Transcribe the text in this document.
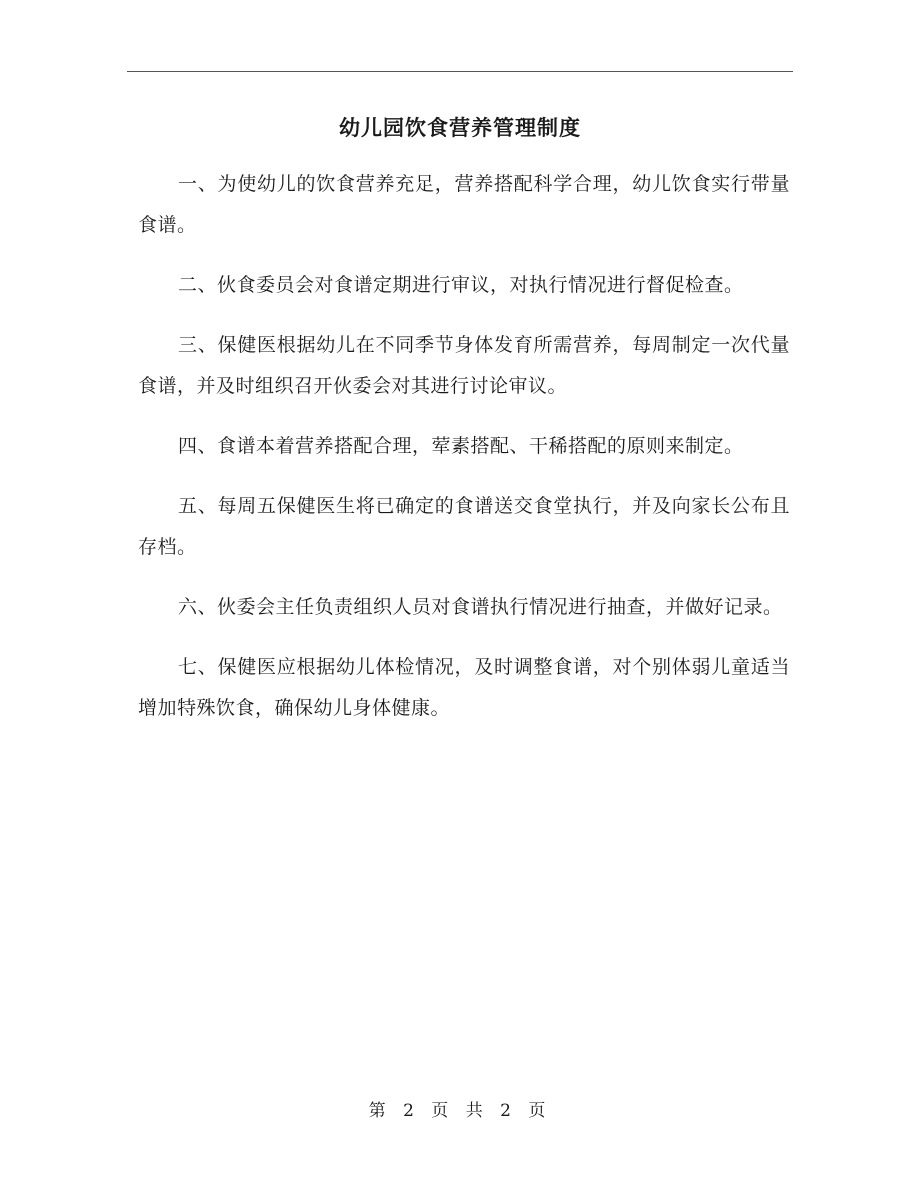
幼儿园饮食营养管理制度

一、为使幼儿的饮食营养充足，营养搭配科学合理，幼儿饮食实行带量食谱。

二、伙食委员会对食谱定期进行审议，对执行情况进行督促检查。

三、保健医根据幼儿在不同季节身体发育所需营养，每周制定一次代量食谱，并及时组织召开伙委会对其进行讨论审议。

四、食谱本着营养搭配合理，荤素搭配、干稀搭配的原则来制定。

五、每周五保健医生将已确定的食谱送交食堂执行，并及向家长公布且存档。

六、伙委会主任负责组织人员对食谱执行情况进行抽查，并做好记录。

七、保健医应根据幼儿体检情况，及时调整食谱，对个别体弱儿童适当增加特殊饮食，确保幼儿身体健康。

第 2 页 共 2 页
